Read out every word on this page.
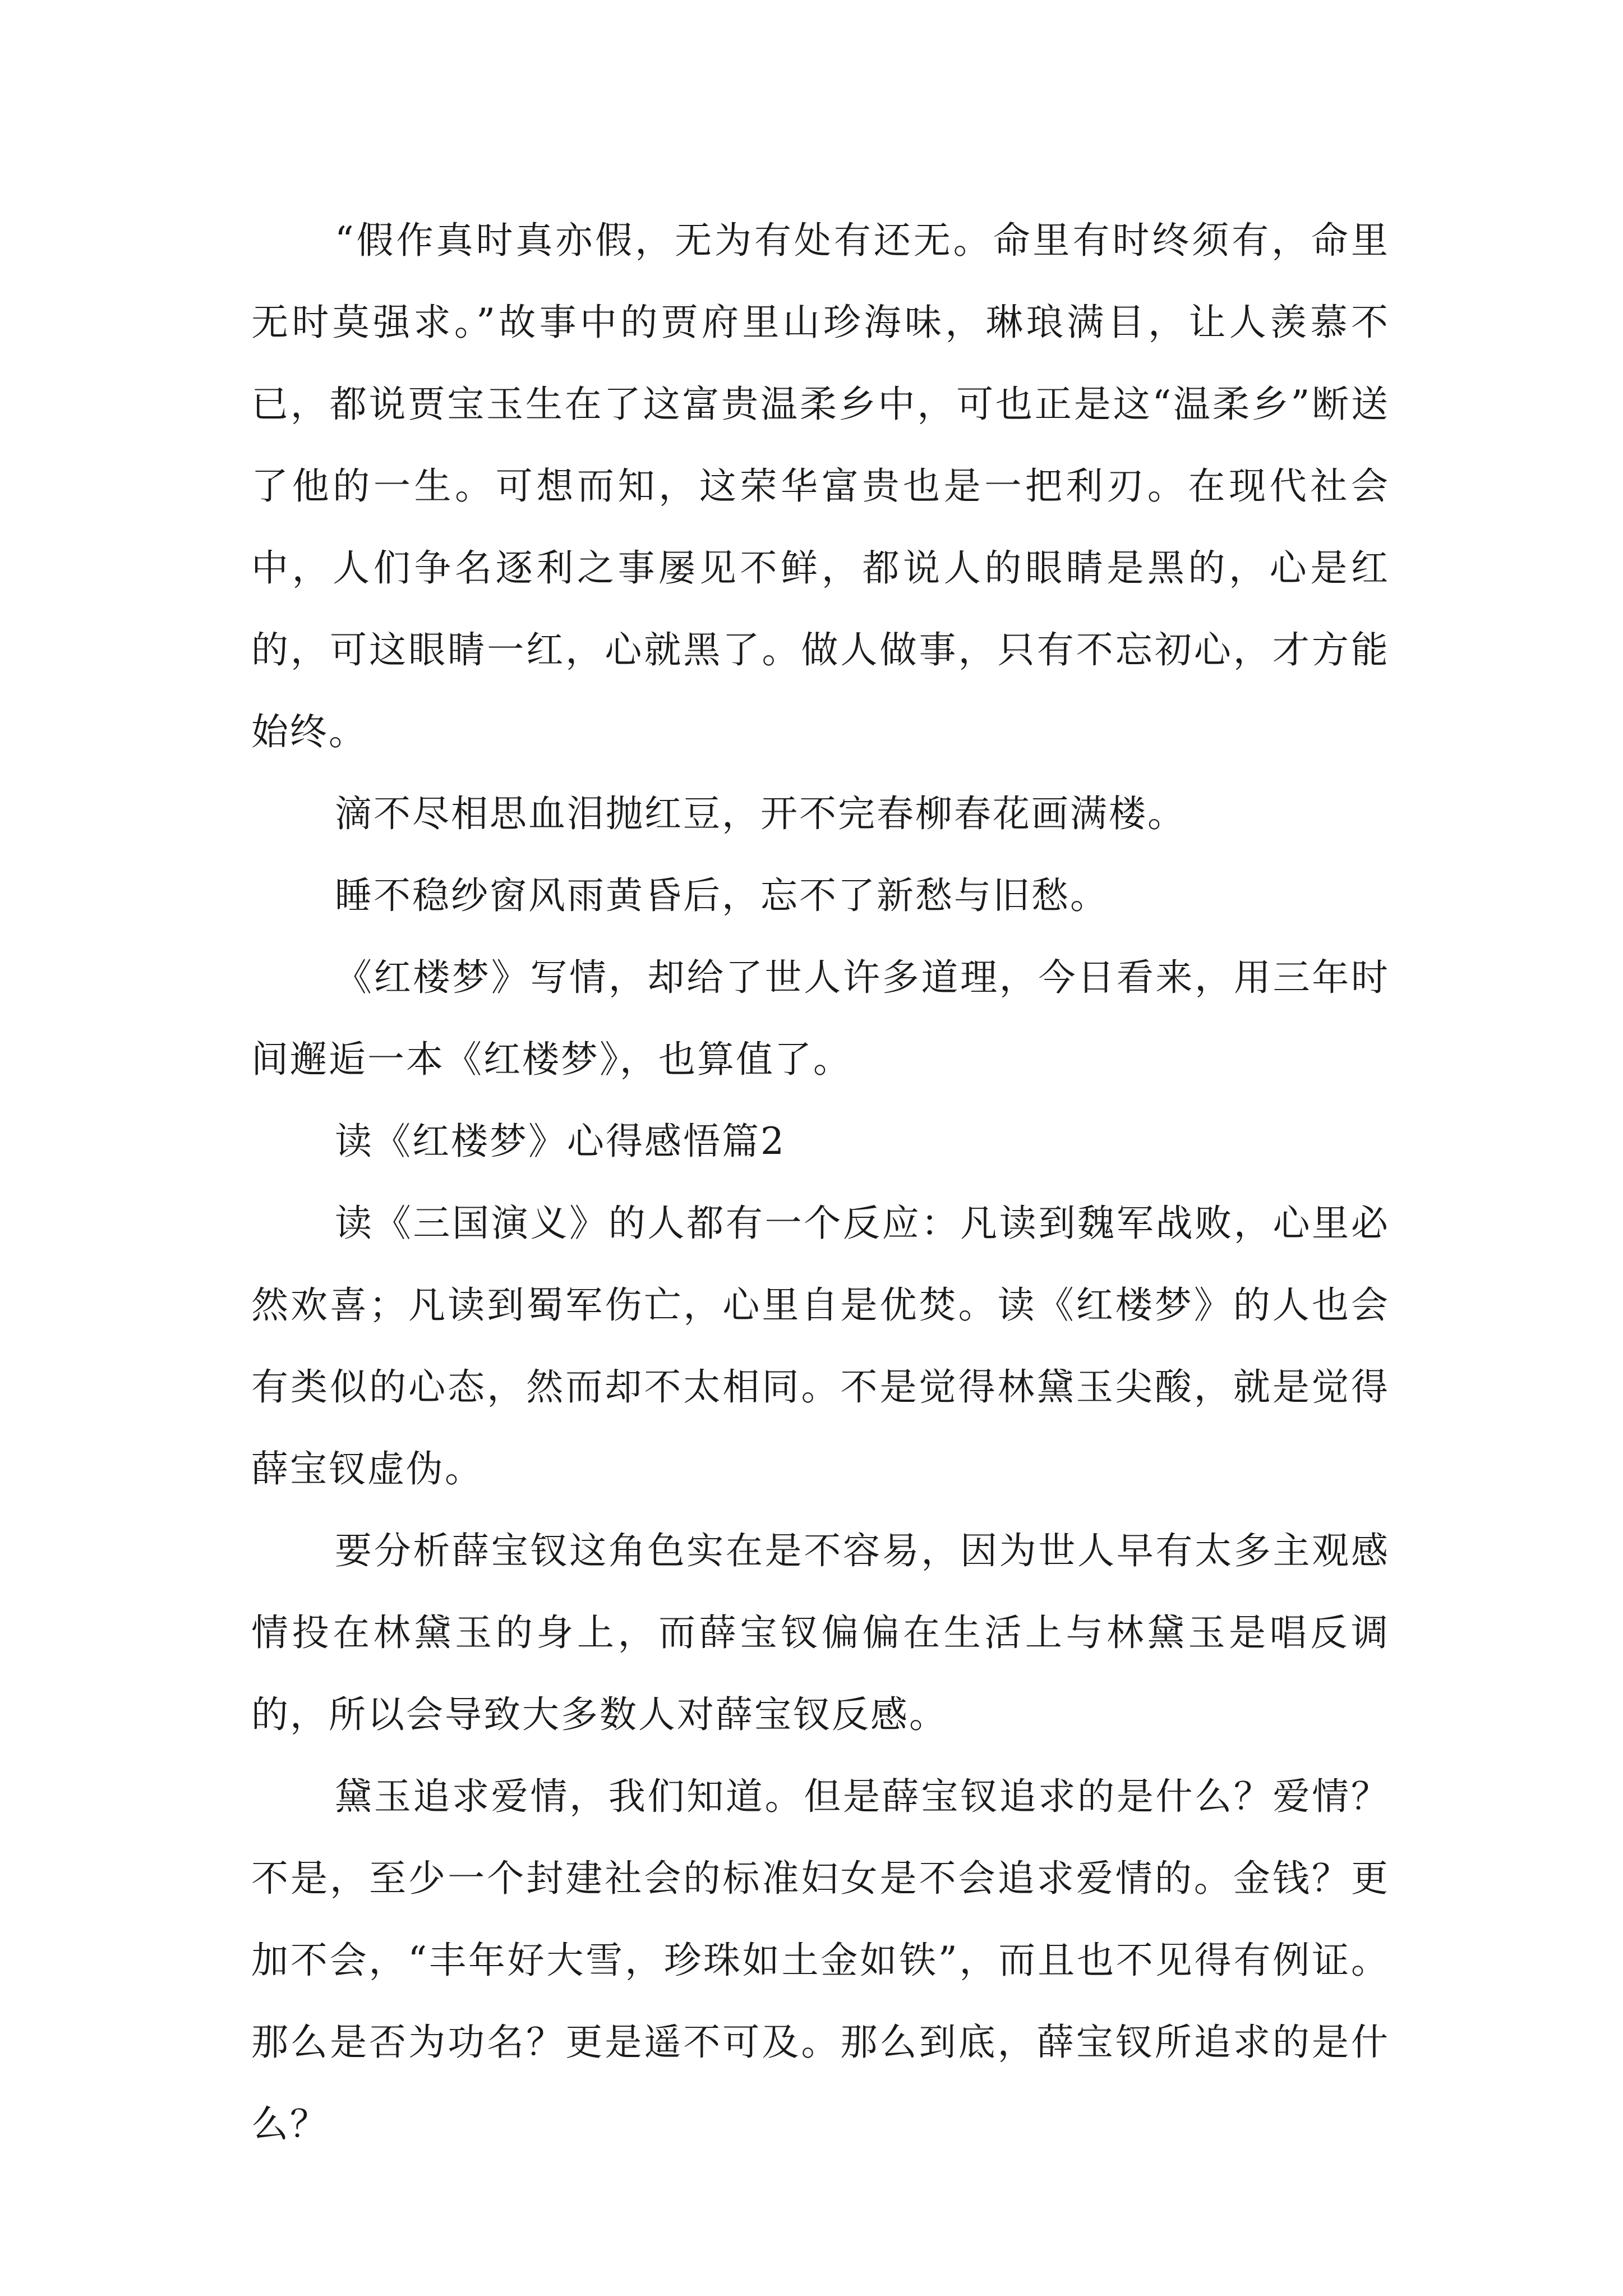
“假作真时真亦假，无为有处有还无。命里有时终须有，命里无时莫强求。”故事中的贾府里山珍海味，琳琅满目，让人羡慕不已，都说贾宝玉生在了这富贵温柔乡中，可也正是这“温柔乡”断送了他的一生。可想而知，这荣华富贵也是一把利刃。在现代社会中，人们争名逐利之事屡见不鲜，都说人的眼睛是黑的，心是红的，可这眼睛一红，心就黑了。做人做事，只有不忘初心，才方能始终。

滴不尽相思血泪抛红豆，开不完春柳春花画满楼。

睡不稳纱窗风雨黄昏后，忘不了新愁与旧愁。

《红楼梦》写情，却给了世人许多道理，今日看来，用三年时间邂逅一本《红楼梦》，也算值了。

读《红楼梦》心得感悟篇2

读《三国演义》的人都有一个反应：凡读到魏军战败，心里必然欢喜；凡读到蜀军伤亡，心里自是优焚。读《红楼梦》的人也会有类似的心态，然而却不太相同。不是觉得林黛玉尖酸，就是觉得薛宝钗虚伪。

要分析薛宝钗这角色实在是不容易，因为世人早有太多主观感情投在林黛玉的身上，而薛宝钗偏偏在生活上与林黛玉是唱反调的，所以会导致大多数人对薛宝钗反感。

黛玉追求爱情，我们知道。但是薛宝钗追求的是什么？爱情？不是，至少一个封建社会的标准妇女是不会追求爱情的。金钱？更加不会，“丰年好大雪，珍珠如土金如铁”，而且也不见得有例证。那么是否为功名？更是遥不可及。那么到底，薛宝钗所追求的是什么？
